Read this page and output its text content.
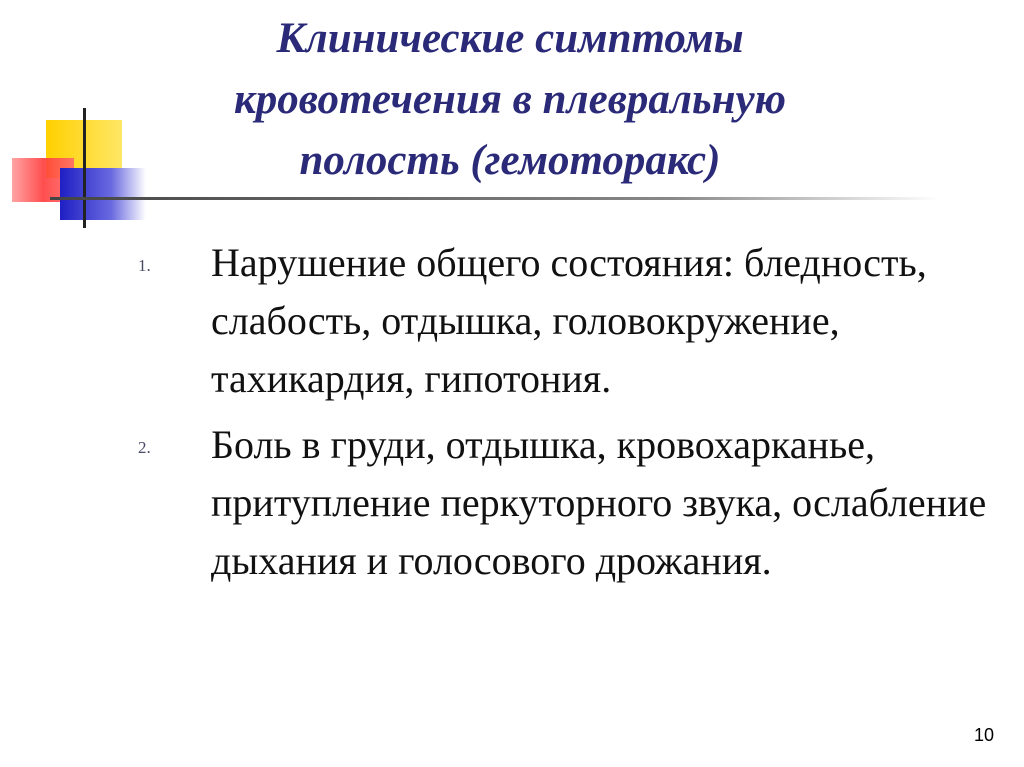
Клинические симптомы
кровотечения в плевральную
полость (гемоторакс)
1. Нарушение общего состояния: бледность, слабость, отдышка, головокружение, тахикардия, гипотония.
2. Боль в груди, отдышка, кровохарканье, притупление перкуторного звука, ослабление дыхания и голосового дрожания.
10
